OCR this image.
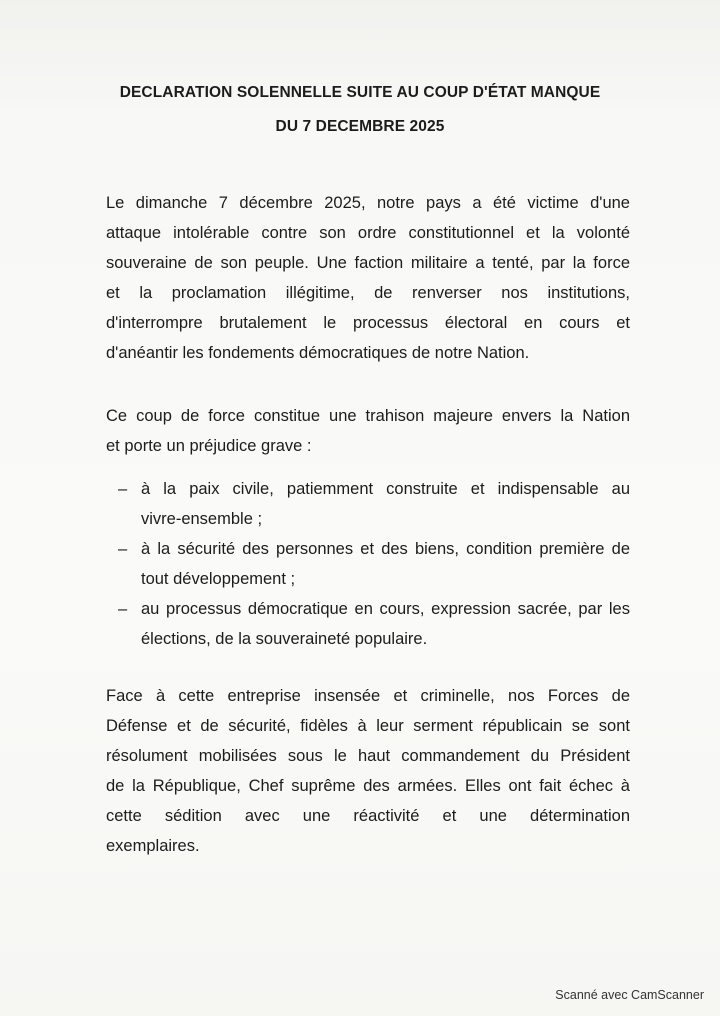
DECLARATION SOLENNELLE SUITE AU COUP D'ÉTAT MANQUE
DU 7 DECEMBRE 2025

Le dimanche 7 décembre 2025, notre pays a été victime d'une
attaque intolérable contre son ordre constitutionnel et la volonté
souveraine de son peuple. Une faction militaire a tenté, par la force
et la proclamation illégitime, de renverser nos institutions,
d'interrompre brutalement le processus électoral en cours et
d'anéantir les fondements démocratiques de notre Nation.

Ce coup de force constitue une trahison majeure envers la Nation
et porte un préjudice grave :

– à la paix civile, patiemment construite et indispensable au
vivre-ensemble ;
– à la sécurité des personnes et des biens, condition première de
tout développement ;
– au processus démocratique en cours, expression sacrée, par les
élections, de la souveraineté populaire.

Face à cette entreprise insensée et criminelle, nos Forces de
Défense et de sécurité, fidèles à leur serment républicain se sont
résolument mobilisées sous le haut commandement du Président
de la République, Chef suprême des armées. Elles ont fait échec à
cette sédition avec une réactivité et une détermination
exemplaires.

Scanné avec CamScanner
